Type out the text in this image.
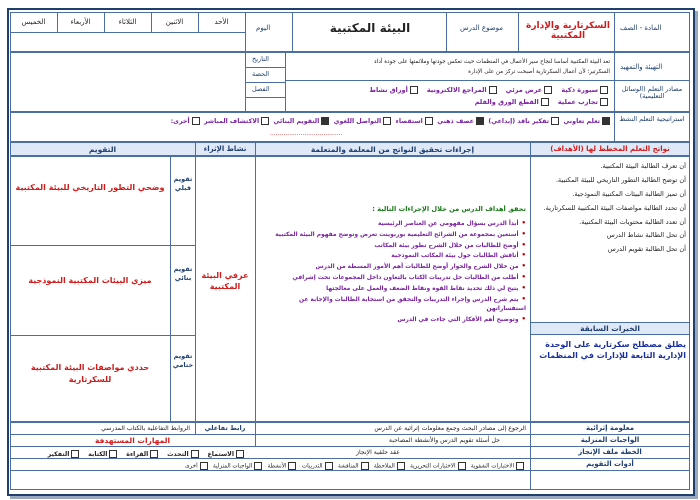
المادة - الصف
السكرتارية والإدارة المكتبية
موضوع الدرس
البيئة المكتبية
اليوم
الأحد
الاثنين
الثلاثاء
الأربعاء
الخميس
التهيئة والتمهيد
تعد البيئة المكتبية أساسا لنجاح سير الأعمال في المنظمات حيث تعكس جودتها وملائمتها على جودة أداء
السكرتير؛ لأن أعمال السكرتارية أصبحت تركز من على الإدارة
مصادر التعلم (الوسائل التعليمية)
التاريخ
الحصة
الفصل	سبورة ذكية    عرض مرئي    المراجع الالكترونية    أوراق نشاط
تجارب عملية    القطع الورق والقلم
استراتيجية التعلم النشط
تعلم تعاوني  تفكير ناقد (إبداعي)  عصف ذهني  استقصاء  التواصل اللغوي  التقويم البنائي  الاكتشاف المباشر  أخرى:
......................................
نواتج التعلم المخطط لها (الأهداف)
إجراءات تحقيق النواتج من المعلمة والمتعلمة
نشاط الإثراء
التقويم
أن تعرف الطالبة البيئة المكتبية.
أن توضح الطالبة التطور التاريخي للبيئة المكتبية.
أن تميز الطالبة البيئات المكتبية النموذجية.
أن تحدد الطالبة مواصفات البيئة المكتبية للسكرتارية.
أن تعدد الطالبة محتويات البيئة المكتبية.
أن تحل الطالبة نشاط الدرس
أن تحل الطالبة تقويم الدرس
الخبرات السابقة
يطلق مصطلح سكرتارية على الوحدة الإدارية التابعة للإدارات في المنظمات
تحقق أهداف الدرس من خلال الإجراءات التالية :
•أبدأ الدرس بسؤال مفهومي عن العناصر الرئيسية
•أستعين بمجموعة من الشرائح التعليمية بوربوينت تعرض وتوضح مفهوم البيئة المكتبية
•أوضح للطالبات من خلال الشرح تطور بيئة المكاتب
•أناقش الطالبات حول بيئة المكاتب النموذجية
•من خلال الشرح والحوار أوضح للطالبات أهم الأمور المسطة من الدرس
•أطلب من الطالبات حل تدريبات الكتاب بالتعاون داخل المجموعات تحت إشرافي
•يتيح لي ذلك تحديد نقاط القوة ونقاط الضعف والعمل على معالجتها
•يتم شرح الدرس وإجراء التدريبات والتحقق من استجابة الطالبات والإجابة عن استفساراتهن
•وتوضيح أهم الأفكار التي جاءت في الدرس
عرفي البيئة المكتبية
تقويم قبلي
وضحي التطور التاريخي للبيئة المكتبية
تقويم بنائي
ميزي البيئات المكتبية النموذجية
تقويم ختامي
حددي مواصفات البيئة المكتبية للسكرتارية
معلومة إثرائية
الرجوع إلى مصادر البحث وجمع معلومات إثرائية عن الدرس
رابط تفاعلي
الروابط التفاعلية بالكتاب المدرسي
الواجبات المنزلية
حل أسئلة تقويم الدرس والأنشطة المصاحبة
المهارات المستهدفة
الخطة ملف الإنجاز
عقد حلقية الإنجاز
الاستماع    التحدث    القراءة    الكتابة    التفكير
أدوات التقويم
الاختبارات الشفوية   الاختبارات التحريرية   الملاحظة   المناقشة   التدريبات   الأنشطة   الواجبات المنزلية   أخرى
